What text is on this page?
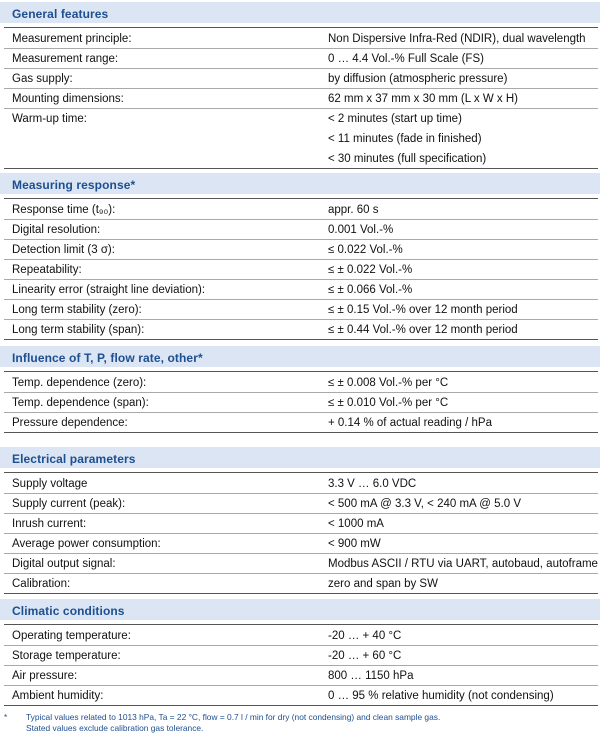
General features
Measurement principle:	Non Dispersive Infra-Red (NDIR), dual wavelength
Measurement range:	0 … 4.4 Vol.-% Full Scale (FS)
Gas supply:	by diffusion (atmospheric pressure)
Mounting dimensions:	62 mm x 37 mm x 30 mm (L x W x H)
Warm-up time:	< 2 minutes (start up time)
< 11 minutes (fade in finished)
< 30 minutes (full specification)
Measuring response*
Response time (t₉₀):	appr. 60 s
Digital resolution:	0.001 Vol.-%
Detection limit (3 σ):	≤ 0.022 Vol.-%
Repeatability:	≤ ± 0.022 Vol.-%
Linearity error (straight line deviation):	≤ ± 0.066 Vol.-%
Long term stability (zero):	≤ ± 0.15 Vol.-% over 12 month period
Long term stability (span):	≤ ± 0.44 Vol.-% over 12 month period
Influence of T, P, flow rate, other*
Temp. dependence (zero):	≤ ± 0.008 Vol.-% per °C
Temp. dependence (span):	≤ ± 0.010 Vol.-% per °C
Pressure dependence:	+ 0.14 % of actual reading / hPa
Electrical parameters
Supply voltage	3.3 V … 6.0 VDC
Supply current (peak):	< 500 mA @ 3.3 V, < 240 mA @ 5.0 V
Inrush current:	< 1000 mA
Average power consumption:	< 900 mW
Digital output signal:	Modbus ASCII / RTU via UART, autobaud, autoframe
Calibration:	zero and span by SW
Climatic conditions
Operating temperature:	-20 … + 40 °C
Storage temperature:	-20 … + 60 °C
Air pressure:	800 … 1150 hPa
Ambient humidity:	0 … 95 % relative humidity (not condensing)
* Typical values related to 1013 hPa, Ta = 22 °C, flow = 0.7 l / min for dry (not condensing) and clean sample gas.
Stated values exclude calibration gas tolerance.
